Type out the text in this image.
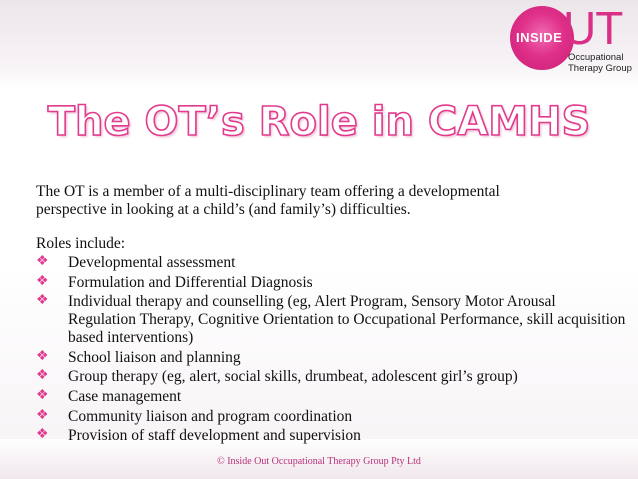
INSIDE UT
Occupational
Therapy Group
The OT’s Role in CAMHS

The OT is a member of a multi-disciplinary team offering a developmental
perspective in looking at a child’s (and family’s) difficulties.

Roles include:

❖ Developmental assessment
❖ Formulation and Differential Diagnosis
❖ Individual therapy and counselling (eg, Alert Program, Sensory Motor Arousal Regulation Therapy, Cognitive Orientation to Occupational Performance, skill acquisition based interventions)
❖ School liaison and planning
❖ Group therapy (eg, alert, social skills, drumbeat, adolescent girl’s group)
❖ Case management
❖ Community liaison and program coordination
❖ Provision of staff development and supervision
© Inside Out Occupational Therapy Group Pty Ltd
